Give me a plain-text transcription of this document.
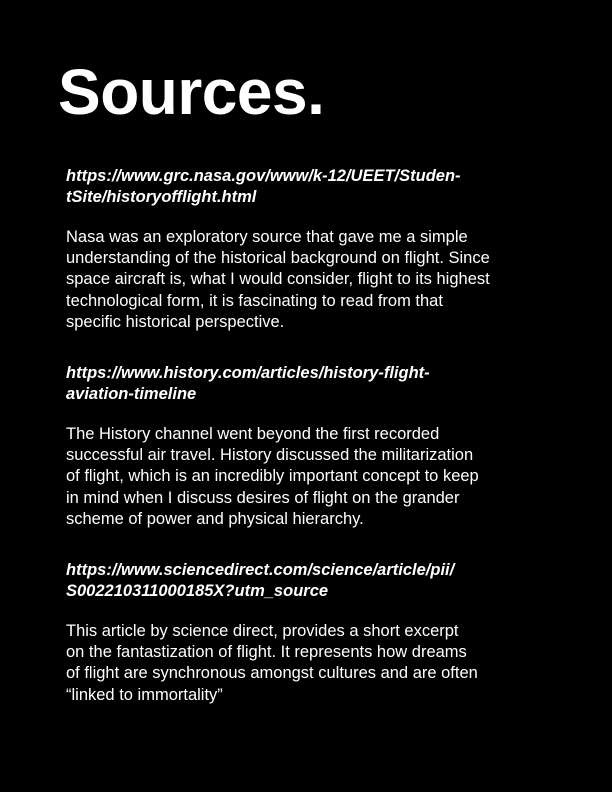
Sources.

https://www.grc.nasa.gov/www/k-12/UEET/Studen-
tSite/historyofflight.html

Nasa was an exploratory source that gave me a simple
understanding of the historical background on flight. Since
space aircraft is, what I would consider, flight to its highest
technological form, it is fascinating to read from that
specific historical perspective.

https://www.history.com/articles/history-flight-
aviation-timeline

The History channel went beyond the first recorded
successful air travel. History discussed the militarization
of flight, which is an incredibly important concept to keep
in mind when I discuss desires of flight on the grander
scheme of power and physical hierarchy.

https://www.sciencedirect.com/science/article/pii/
S002210311000185X?utm_source

This article by science direct, provides a short excerpt
on the fantastization of flight. It represents how dreams
of flight are synchronous amongst cultures and are often
“linked to immortality”
